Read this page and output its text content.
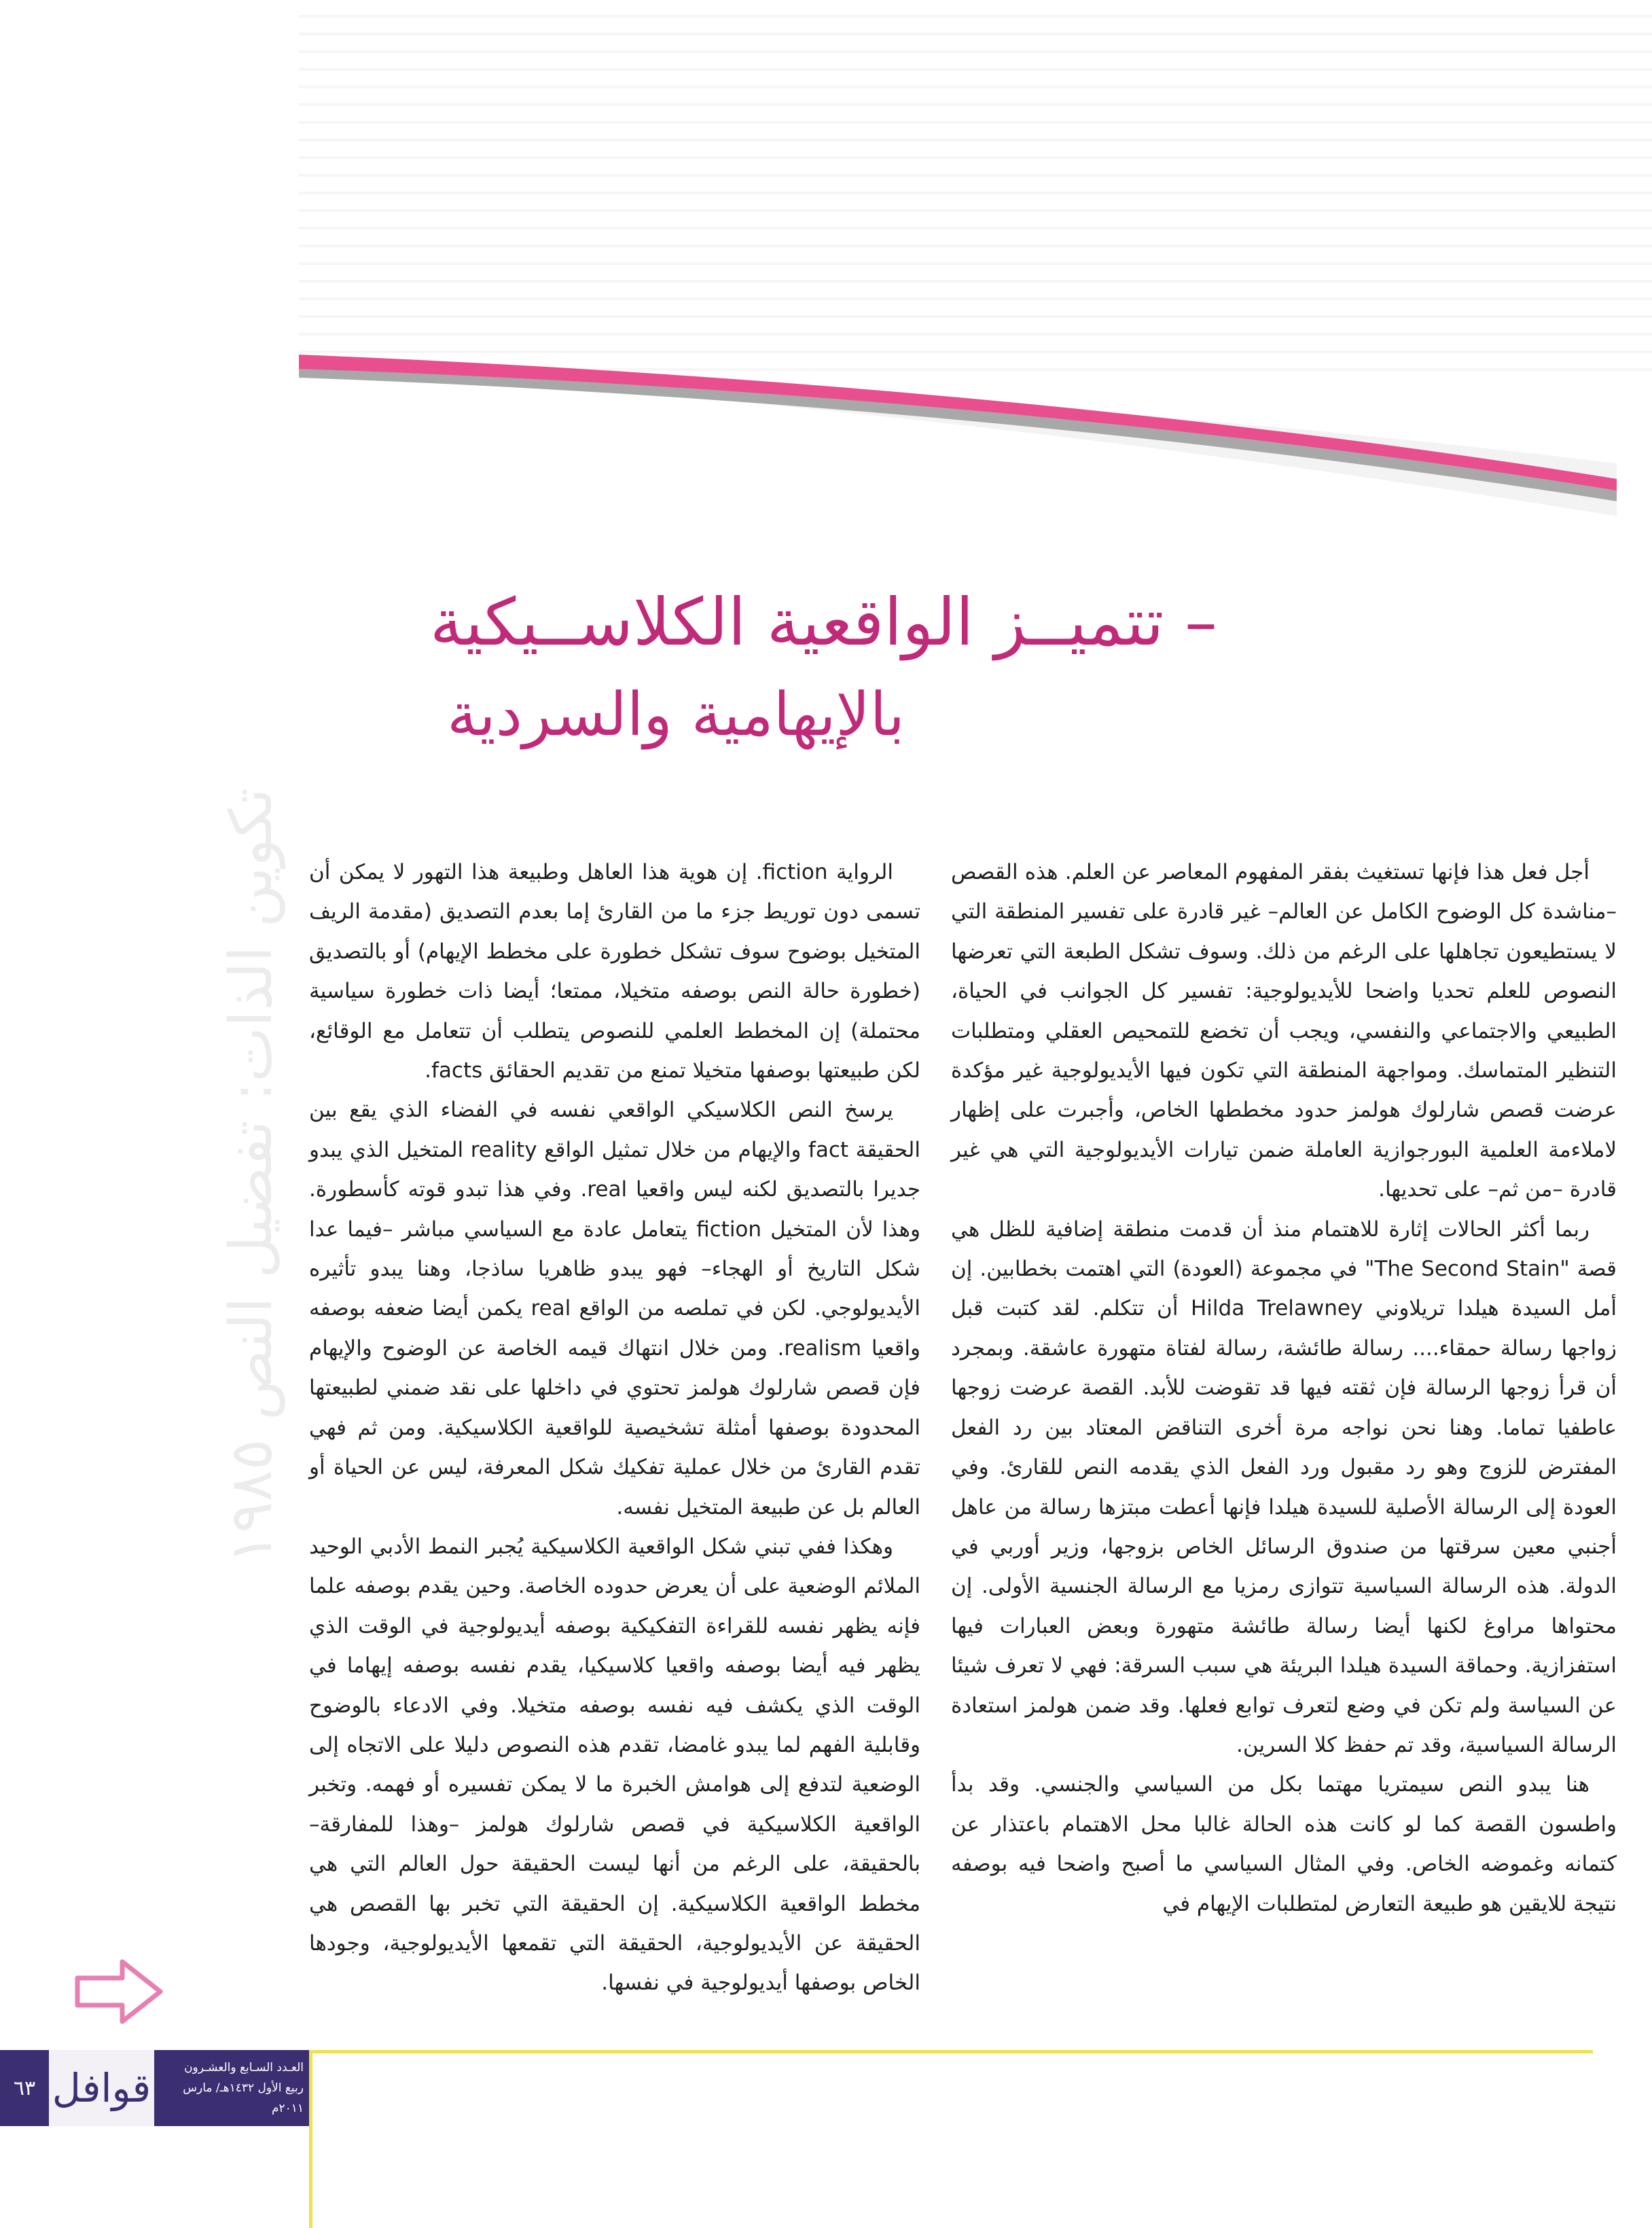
– تتميــز الواقعية الكلاســيكية
بالإيهامية والسردية

أجل فعل هذا فإنها تستغيث بفقر المفهوم المعاصر عن العلم. هذه القصص –مناشدة كل الوضوح الكامل عن العالم– غير قادرة على تفسير المنطقة التي لا يستطيعون تجاهلها على الرغم من ذلك. وسوف تشكل الطبعة التي تعرضها النصوص للعلم تحديا واضحا للأيديولوجية: تفسير كل الجوانب في الحياة، الطبيعي والاجتماعي والنفسي، ويجب أن تخضع للتمحيص العقلي ومتطلبات التنظير المتماسك. ومواجهة المنطقة التي تكون فيها الأيديولوجية غير مؤكدة عرضت قصص شارلوك هولمز حدود مخططها الخاص، وأجبرت على إظهار لاملاءمة العلمية البورجوازية العاملة ضمن تيارات الأيديولوجية التي هي غير قادرة –من ثم– على تحديها.

ربما أكثر الحالات إثارة للاهتمام منذ أن قدمت منطقة إضافية للظل هي قصة "The Second Stain" في مجموعة (العودة) التي اهتمت بخطابين. إن أمل السيدة هيلدا تريلاوني Hilda Trelawney أن تتكلم. لقد كتبت قبل زواجها رسالة حمقاء.... رسالة طائشة، رسالة لفتاة متهورة عاشقة. وبمجرد أن قرأ زوجها الرسالة فإن ثقته فيها قد تقوضت للأبد. القصة عرضت زوجها عاطفيا تماما. وهنا نحن نواجه مرة أخرى التناقض المعتاد بين رد الفعل المفترض للزوج وهو رد مقبول ورد الفعل الذي يقدمه النص للقارئ. وفي العودة إلى الرسالة الأصلية للسيدة هيلدا فإنها أعطت مبتزها رسالة من عاهل أجنبي معين سرقتها من صندوق الرسائل الخاص بزوجها، وزير أوربي في الدولة. هذه الرسالة السياسية تتوازى رمزيا مع الرسالة الجنسية الأولى. إن محتواها مراوغ لكنها أيضا رسالة طائشة متهورة وبعض العبارات فيها استفزازية. وحماقة السيدة هيلدا البريئة هي سبب السرقة: فهي لا تعرف شيئا عن السياسة ولم تكن في وضع لتعرف توابع فعلها. وقد ضمن هولمز استعادة الرسالة السياسية، وقد تم حفظ كلا السرين.

هنا يبدو النص سيمتريا مهتما بكل من السياسي والجنسي. وقد بدأ واطسون القصة كما لو كانت هذه الحالة غالبا محل الاهتمام باعتذار عن كتمانه وغموضه الخاص. وفي المثال السياسي ما أصبح واضحا فيه بوصفه نتيجة للايقين هو طبيعة التعارض لمتطلبات الإيهام في

الرواية fiction. إن هوية هذا العاهل وطبيعة هذا التهور لا يمكن أن تسمى دون توريط جزء ما من القارئ إما بعدم التصديق (مقدمة الريف المتخيل بوضوح سوف تشكل خطورة على مخطط الإيهام) أو بالتصديق (خطورة حالة النص بوصفه متخيلا، ممتعا؛ أيضا ذات خطورة سياسية محتملة) إن المخطط العلمي للنصوص يتطلب أن تتعامل مع الوقائع، لكن طبيعتها بوصفها متخيلا تمنع من تقديم الحقائق facts.

يرسخ النص الكلاسيكي الواقعي نفسه في الفضاء الذي يقع بين الحقيقة fact والإيهام من خلال تمثيل الواقع reality المتخيل الذي يبدو جديرا بالتصديق لكنه ليس واقعيا real. وفي هذا تبدو قوته كأسطورة. وهذا لأن المتخيل fiction يتعامل عادة مع السياسي مباشر –فيما عدا شكل التاريخ أو الهجاء– فهو يبدو ظاهريا ساذجا، وهنا يبدو تأثيره الأيديولوجي. لكن في تملصه من الواقع real يكمن أيضا ضعفه بوصفه واقعيا realism. ومن خلال انتهاك قيمه الخاصة عن الوضوح والإيهام فإن قصص شارلوك هولمز تحتوي في داخلها على نقد ضمني لطبيعتها المحدودة بوصفها أمثلة تشخيصية للواقعية الكلاسيكية. ومن ثم فهي تقدم القارئ من خلال عملية تفكيك شكل المعرفة، ليس عن الحياة أو العالم بل عن طبيعة المتخيل نفسه.

وهكذا ففي تبني شكل الواقعية الكلاسيكية يُجبر النمط الأدبي الوحيد الملائم الوضعية على أن يعرض حدوده الخاصة. وحين يقدم بوصفه علما فإنه يظهر نفسه للقراءة التفكيكية بوصفه أيديولوجية في الوقت الذي يظهر فيه أيضا بوصفه واقعيا كلاسيكيا، يقدم نفسه بوصفه إيهاما في الوقت الذي يكشف فيه نفسه بوصفه متخيلا. وفي الادعاء بالوضوح وقابلية الفهم لما يبدو غامضا، تقدم هذه النصوص دليلا على الاتجاه إلى الوضعية لتدفع إلى هوامش الخبرة ما لا يمكن تفسيره أو فهمه. وتخبر الواقعية الكلاسيكية في قصص شارلوك هولمز –وهذا للمفارقة– بالحقيقة، على الرغم من أنها ليست الحقيقة حول العالم التي هي مخطط الواقعية الكلاسيكية. إن الحقيقة التي تخبر بها القصص هي الحقيقة عن الأيديولوجية، الحقيقة التي تقمعها الأيديولوجية، وجودها الخاص بوصفها أيديولوجية في نفسها.

تكوين الذات: تفضيل النص ١٩٨٥
٦٣ قوافل	العـدد السـابع والعشـرون
ربيع الأول ١٤٣٢هـ/ مارس ٢٠١١م
